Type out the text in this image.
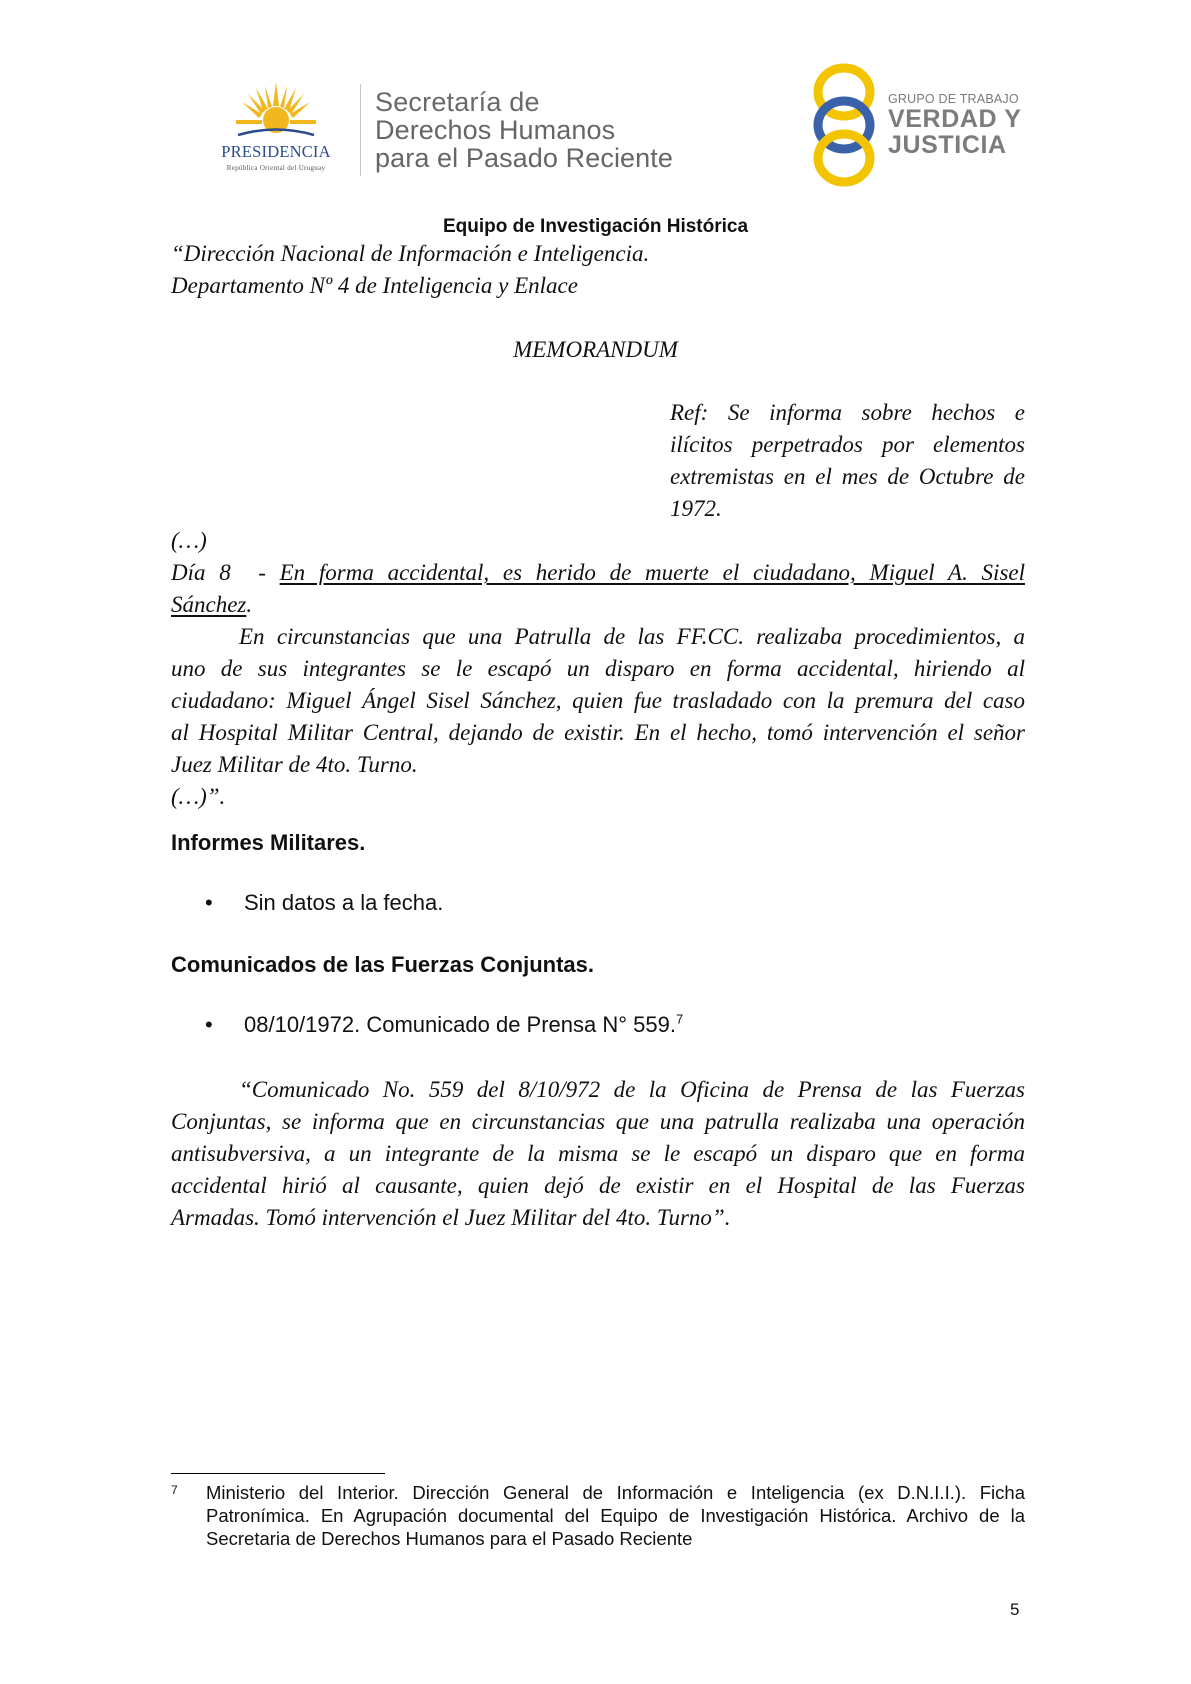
PRESIDENCIA
República Oriental del Uruguay
Secretaría de
Derechos Humanos
para el Pasado Reciente
GRUPO DE TRABAJO
VERDAD Y
JUSTICIA
Equipo de Investigación Histórica
“Dirección Nacional de Información e Inteligencia.
Departamento Nº 4 de Inteligencia y Enlace
MEMORANDUM
Ref: Se informa sobre hechos e
ilícitos perpetrados por elementos
extremistas en el mes de Octubre de
1972.
(…)
Día 8  - En forma accidental, es herido de muerte el ciudadano, Miguel A. Sisel
Sánchez.
En circunstancias que una Patrulla de las FF.CC. realizaba procedimientos, a
uno de sus integrantes se le escapó un disparo en forma accidental, hiriendo al
ciudadano: Miguel Ángel Sisel Sánchez, quien fue trasladado con la premura del caso
al Hospital Militar Central, dejando de existir. En el hecho, tomó intervención el señor
Juez Militar de 4to. Turno.
(…)”.
Informes Militares.
•	Sin datos a la fecha.
Comunicados de las Fuerzas Conjuntas.
•	08/10/1972. Comunicado de Prensa N° 559.$^7$
“Comunicado No. 559 del 8/10/972 de la Oficina de Prensa de las Fuerzas
Conjuntas, se informa que en circunstancias que una patrulla realizaba una operación
antisubversiva, a un integrante de la misma se le escapó un disparo que en forma
accidental hirió al causante, quien dejó de existir en el Hospital de las Fuerzas
Armadas. Tomó intervención el Juez Militar del 4to. Turno”.
7 Ministerio del Interior. Dirección General de Información e Inteligencia (ex D.N.I.I.). Ficha
Patronímica. En Agrupación documental del Equipo de Investigación Histórica. Archivo de la
Secretaria de Derechos Humanos para el Pasado Reciente
5
